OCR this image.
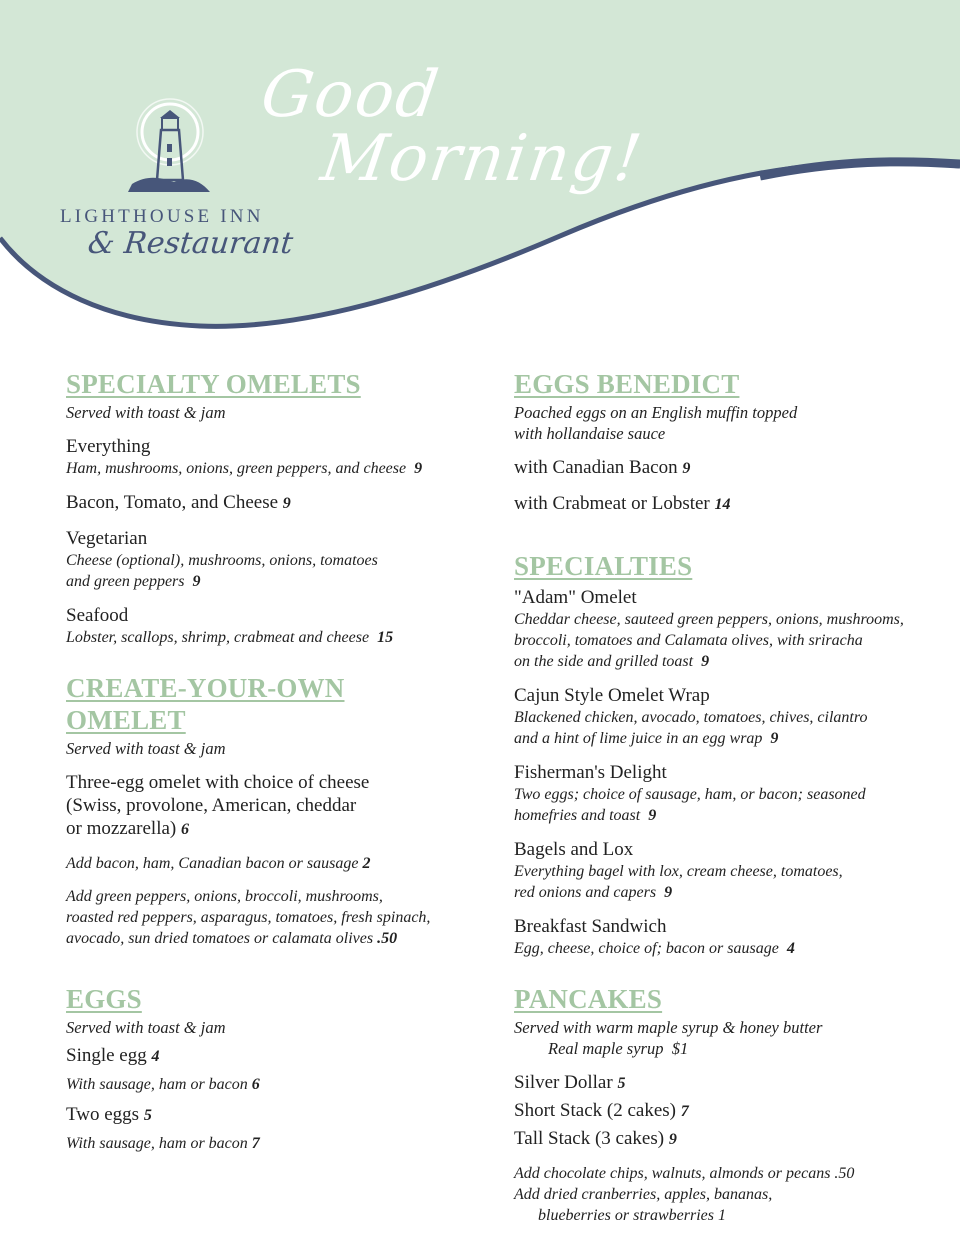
Good

Morning!

LIGHTHOUSE INN

& Restaurant

SPECIALTY OMELETS

Served with toast & jam

Everything
Ham, mushrooms, onions, green peppers, and cheese 9
Bacon, Tomato, and Cheese 9
Vegetarian
Cheese (optional), mushrooms, onions, tomatoes
and green peppers 9
Seafood
Lobster, scallops, shrimp, crabmeat and cheese 15
CREATE-YOUR-OWN
OMELET

Served with toast & jam

Three-egg omelet with choice of cheese
(Swiss, provolone, American, cheddar
or mozzarella) 6
Add bacon, ham, Canadian bacon or sausage 2
Add green peppers, onions, broccoli, mushrooms,
roasted red peppers, asparagus, tomatoes, fresh spinach,
avocado, sun dried tomatoes or calamata olives .50
EGGS

Served with toast & jam

Single egg 4
With sausage, ham or bacon 6
Two eggs 5
With sausage, ham or bacon 7
EGGS BENEDICT

Poached eggs on an English muffin topped
with hollandaise sauce

with Canadian Bacon 9
with Crabmeat or Lobster 14
SPECIALTIES
"Adam" Omelet
Cheddar cheese, sauteed green peppers, onions, mushrooms,
broccoli, tomatoes and Calamata olives, with sriracha
on the side and grilled toast 9
Cajun Style Omelet Wrap
Blackened chicken, avocado, tomatoes, chives, cilantro
and a hint of lime juice in an egg wrap 9
Fisherman's Delight
Two eggs; choice of sausage, ham, or bacon; seasoned
homefries and toast 9
Bagels and Lox
Everything bagel with lox, cream cheese, tomatoes,
red onions and capers 9
Breakfast Sandwich
Egg, cheese, choice of; bacon or sausage 4
PANCAKES

Served with warm maple syrup & honey butter

Real maple syrup $1

Silver Dollar 5
Short Stack (2 cakes) 7
Tall Stack (3 cakes) 9
Add chocolate chips, walnuts, almonds or pecans .50
Add dried cranberries, apples, bananas,
blueberries or strawberries 1
